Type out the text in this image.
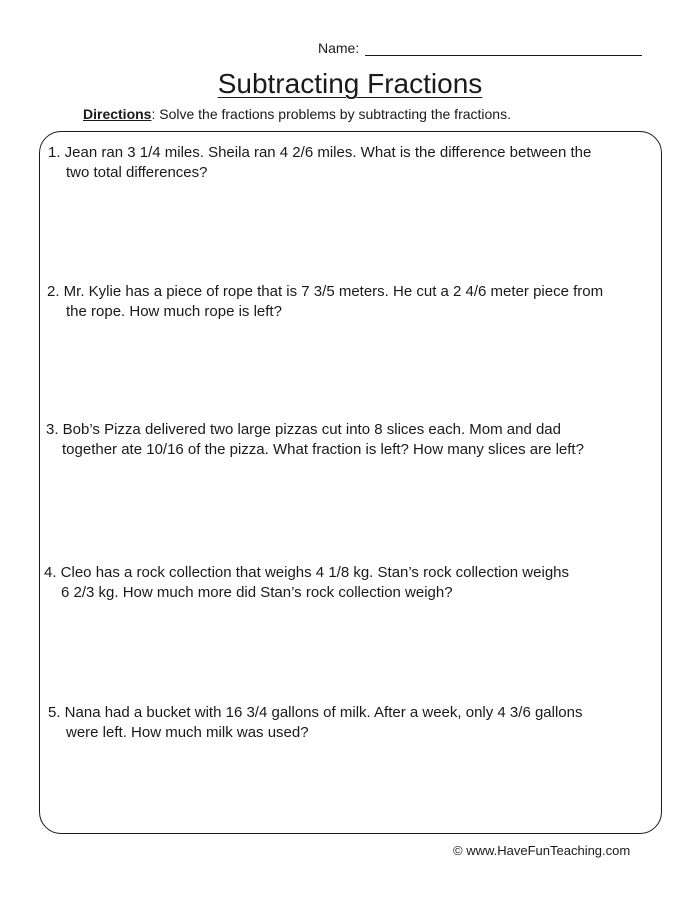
Name:
Subtracting Fractions
Directions: Solve the fractions problems by subtracting the fractions.
1. Jean ran 3 1/4 miles. Sheila ran 4 2/6 miles. What is the difference between the
two total differences?
2. Mr. Kylie has a piece of rope that is 7 3/5 meters. He cut a 2 4/6 meter piece from
the rope. How much rope is left?
3. Bob’s Pizza delivered two large pizzas cut into 8 slices each. Mom and dad
together ate 10/16 of the pizza. What fraction is left? How many slices are left?
4. Cleo has a rock collection that weighs 4 1/8 kg. Stan’s rock collection weighs
6 2/3 kg. How much more did Stan’s rock collection weigh?
5. Nana had a bucket with 16 3/4 gallons of milk. After a week, only 4 3/6 gallons
were left. How much milk was used?
© www.HaveFunTeaching.com
